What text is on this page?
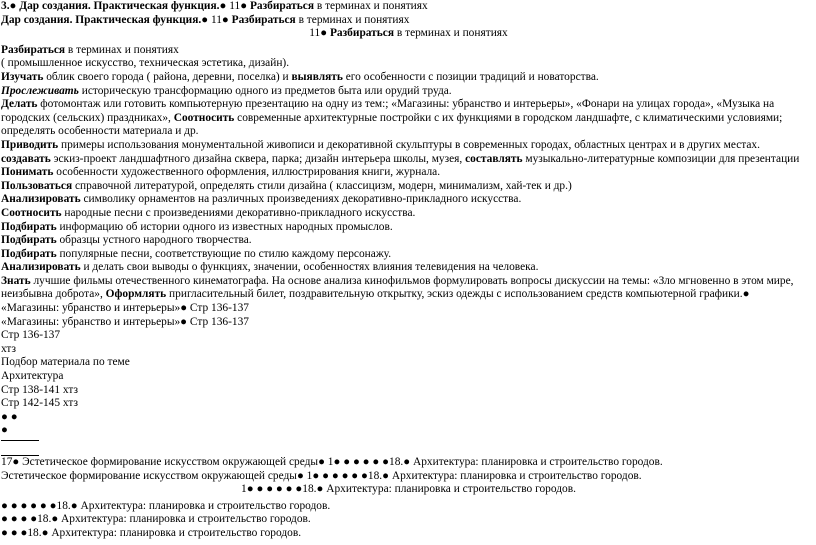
3.● Дар создания. Практическая функция.● 11● Разбираться в терминах и понятиях
Дар создания. Практическая функция.● 11● Разбираться в терминах и понятиях
11● Разбираться в терминах и понятиях
Разбираться в терминах и понятиях
( промышленное искусство, техническая эстетика, дизайн).
Изучать облик своего города ( района, деревни, поселка) и выявлять его особенности с позиции традиций и новаторства.
Прослеживать историческую трансформацию одного из предметов быта или орудий труда.
Делать фотомонтаж или готовить компьютерную презентацию на одну из тем:; «Магазины: убранство и интерьеры», «Фонари на улицах города», «Музыка на городских (сельских) праздниках», Соотносить современные архитектурные постройки с их функциями в городском ландшафте, с климатическими условиями; определять особенности материала и др.
Приводить примеры использования монументальной живописи и декоративной скульптуры в современных городах, областных центрах и в других местах. создавать эскиз-проект ландшафтного дизайна сквера, парка; дизайн интерьера школы, музея, составлять музыкально-литературные композиции для презентации Понимать особенности художественного оформления, иллюстрирования книги, журнала.
Пользоваться справочной литературой, определять стили дизайна ( классицизм, модерн, минимализм, хай-тек и др.)
Анализировать символику орнаментов на различных произведениях декоративно-прикладного искусства.
Соотносить народные песни с произведениями декоративно-прикладного искусства.
Подбирать информацию об истории одного из известных народных промыслов.
Подбирать образцы устного народного творчества.
Подбирать популярные песни, соответствующие по стилю каждому персонажу.
Анализировать и делать свои выводы о функциях, значении, особенностях влияния телевидения на человека.
Знать лучшие фильмы отечественного кинематографа. На основе анализа кинофильмов формулировать вопросы дискуссии на темы: «Зло мгновенно в этом мире, неизбывна доброта», Оформлять пригласительный билет, поздравительную открытку, эскиз одежды с использованием средств компьютерной графики.● «Магазины: убранство и интерьеры»● Стр 136-137
«Магазины: убранство и интерьеры»● Стр 136-137
Стр 136-137
хтз
Подбор материала по теме
Архитектура
Стр 138-141 хтз
Стр 142-145 хтз
● ●
●
17● Эстетическое формирование искусством окружающей среды● 1● ● ● ● ● ●18.● Архитектура: планировка и строительство городов.
Эстетическое формирование искусством окружающей среды● 1● ● ● ● ● ●18.● Архитектура: планировка и строительство городов.
1● ● ● ● ● ●18.● Архитектура: планировка и строительство городов.
● ● ● ● ● ●18.● Архитектура: планировка и строительство городов.
● ● ● ●18.● Архитектура: планировка и строительство городов.
● ● ●18.● Архитектура: планировка и строительство городов.
